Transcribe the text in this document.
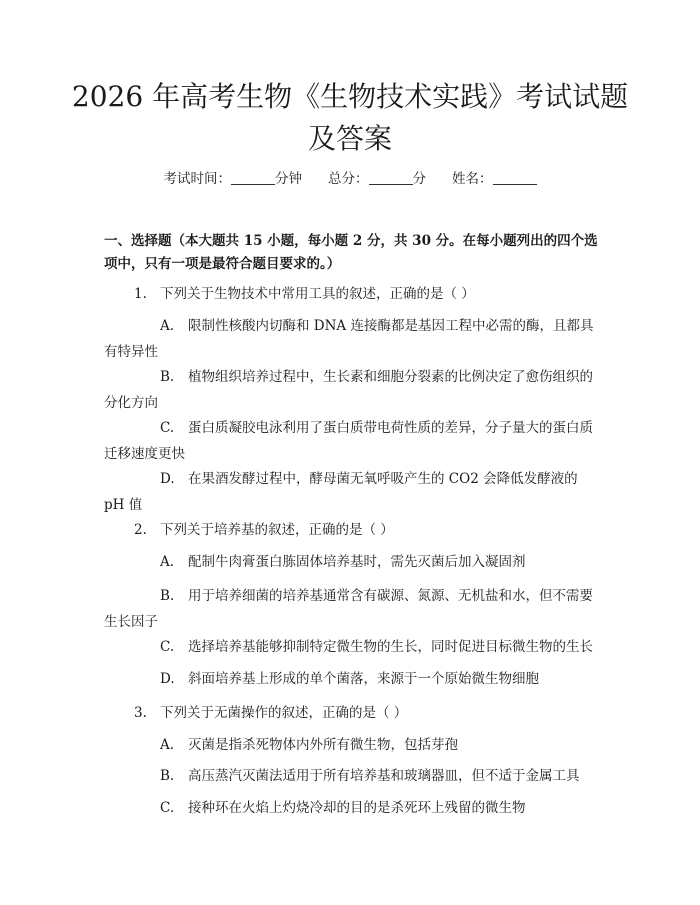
2026 年高考生物《生物技术实践》考试试题及答案
考试时间：	分钟 总分：	分 姓名：

一、选择题（本大题共 15 小题，每小题 2 分，共 30 分。在每小题列出的四个选项中，只有一项是最符合题目要求的。）

1. 下列关于生物技术中常用工具的叙述，正确的是（ ）

A. 限制性核酸内切酶和 DNA 连接酶都是基因工程中必需的酶，且都具有特异性

B. 植物组织培养过程中，生长素和细胞分裂素的比例决定了愈伤组织的分化方向

C. 蛋白质凝胶电泳利用了蛋白质带电荷性质的差异，分子量大的蛋白质迁移速度更快

D. 在果酒发酵过程中，酵母菌无氧呼吸产生的 CO2 会降低发酵液的 pH 值

2. 下列关于培养基的叙述，正确的是（ ）

A. 配制牛肉膏蛋白胨固体培养基时，需先灭菌后加入凝固剂

B. 用于培养细菌的培养基通常含有碳源、氮源、无机盐和水，但不需要生长因子

C. 选择培养基能够抑制特定微生物的生长，同时促进目标微生物的生长

D. 斜面培养基上形成的单个菌落，来源于一个原始微生物细胞

3. 下列关于无菌操作的叙述，正确的是（ ）

A. 灭菌是指杀死物体内外所有微生物，包括芽孢

B. 高压蒸汽灭菌法适用于所有培养基和玻璃器皿，但不适于金属工具

C. 接种环在火焰上灼烧冷却的目的是杀死环上残留的微生物
